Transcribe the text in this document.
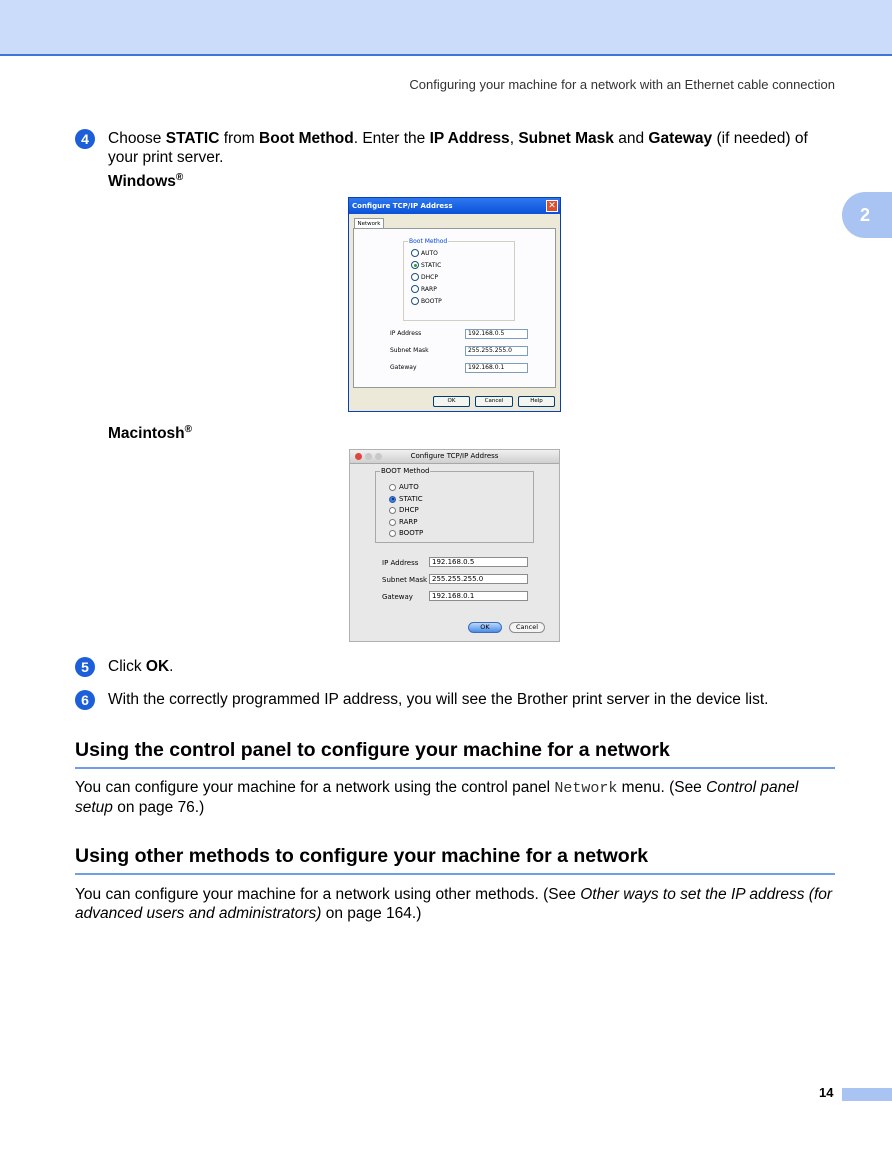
Configuring your machine for a network with an Ethernet cable connection
2
4	Choose STATIC from Boot Method. Enter the IP Address, Subnet Mask and Gateway (if needed) of your print server.
Windows®
Configure TCP/IP Address	✕
Network
Boot Method
AUTO
STATIC
DHCP
RARP
BOOTP
IP Address	192.168.0.5
Subnet Mask	255.255.255.0
Gateway	192.168.0.1
OK	Cancel	Help
Macintosh®
Configure TCP/IP Address
BOOT Method
AUTO
STATIC
DHCP
RARP
BOOTP
IP Address	192.168.0.5
Subnet Mask 255.255.255.0
Gateway	192.168.0.1
OK	Cancel
5	Click OK.
6	With the correctly programmed IP address, you will see the Brother print server in the device list.
Using the control panel to configure your machine for a network
You can configure your machine for a network using the control panel Network menu. (See Control panel setup on page 76.)
Using other methods to configure your machine for a network
You can configure your machine for a network using other methods. (See Other ways to set the IP address (for advanced users and administrators) on page 164.)
14
